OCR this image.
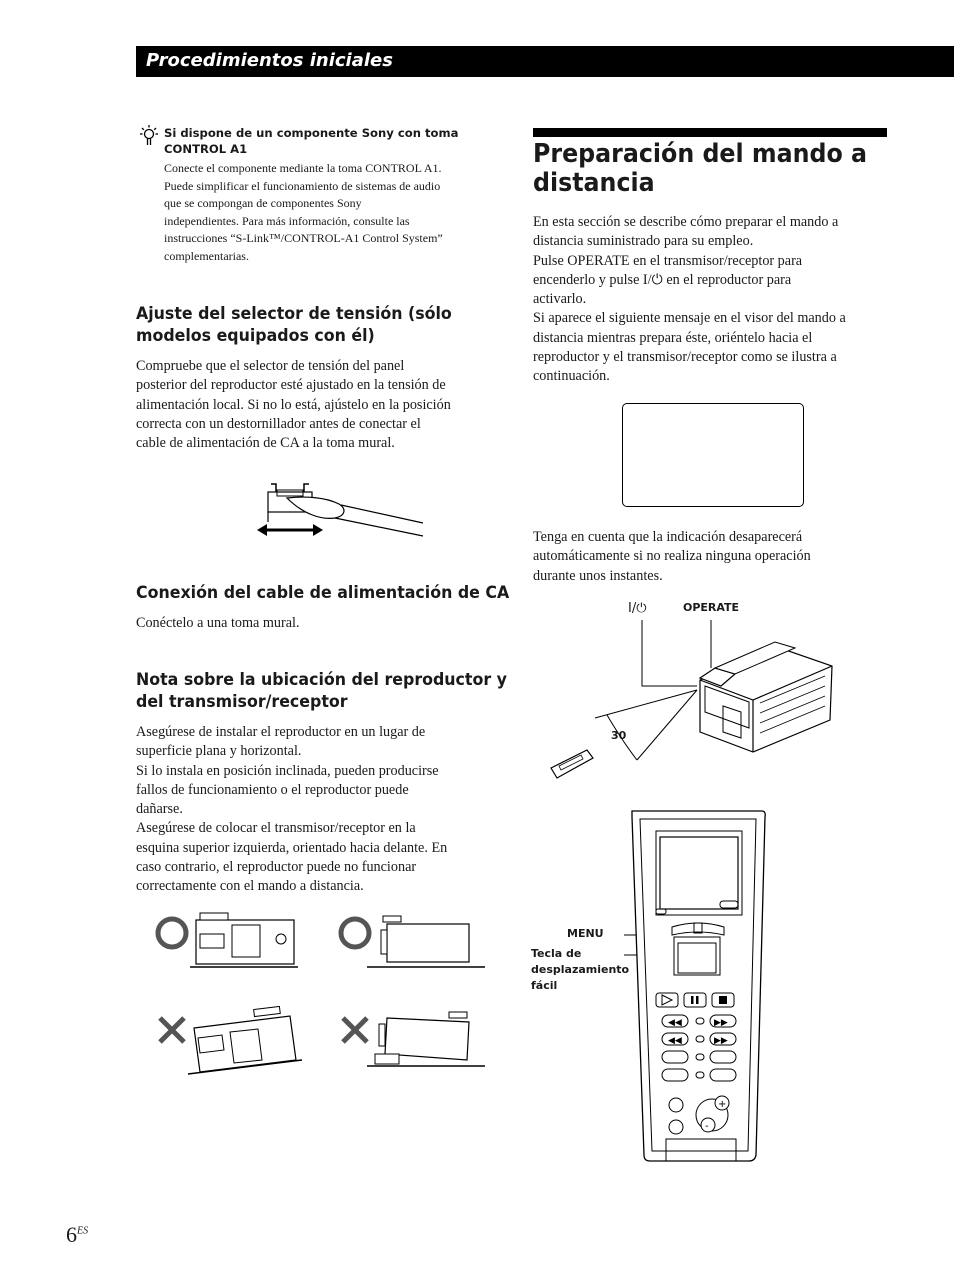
Procedimientos iniciales
Si dispone de un componente Sony con toma
CONTROL A1
Conecte el componente mediante la toma CONTROL A1.
Puede simplificar el funcionamiento de sistemas de audio
que se compongan de componentes Sony
independientes. Para más información, consulte las
instrucciones “S-Link™/CONTROL-A1 Control System”
complementarias.
Ajuste del selector de tensión (sólo
modelos equipados con él)
Compruebe que el selector de tensión del panel
posterior del reproductor esté ajustado en la tensión de
alimentación local. Si no lo está, ajústelo en la posición
correcta con un destornillador antes de conectar el
cable de alimentación de CA a la toma mural.
Conexión del cable de alimentación de CA
Conéctelo a una toma mural.
Nota sobre la ubicación del reproductor y
del transmisor/receptor
Asegúrese de instalar el reproductor en un lugar de
superficie plana y horizontal.
Si lo instala en posición inclinada, pueden producirse
fallos de funcionamiento o el reproductor puede
dañarse.
Asegúrese de colocar el transmisor/receptor en la
esquina superior izquierda, orientado hacia delante. En
caso contrario, el reproductor puede no funcionar
correctamente con el mando a distancia.
Preparación del mando a
distancia
En esta sección se describe cómo preparar el mando a
distancia suministrado para su empleo.
Pulse OPERATE en el transmisor/receptor para
encenderlo y pulse I/⏻ en el reproductor para
activarlo.
Si aparece el siguiente mensaje en el visor del mando a
distancia mientras prepara éste, oriéntelo hacia el
reproductor y el transmisor/receptor como se ilustra a
continuación.
Tenga en cuenta que la indicación desaparecerá
automáticamente si no realiza ninguna operación
durante unos instantes.
I/⏻	OPERATE
30
MENU
Tecla de
desplazamiento
fácil
◀◀	▶▶
◀◀	▶▶
+
-
$6^{ES}$
